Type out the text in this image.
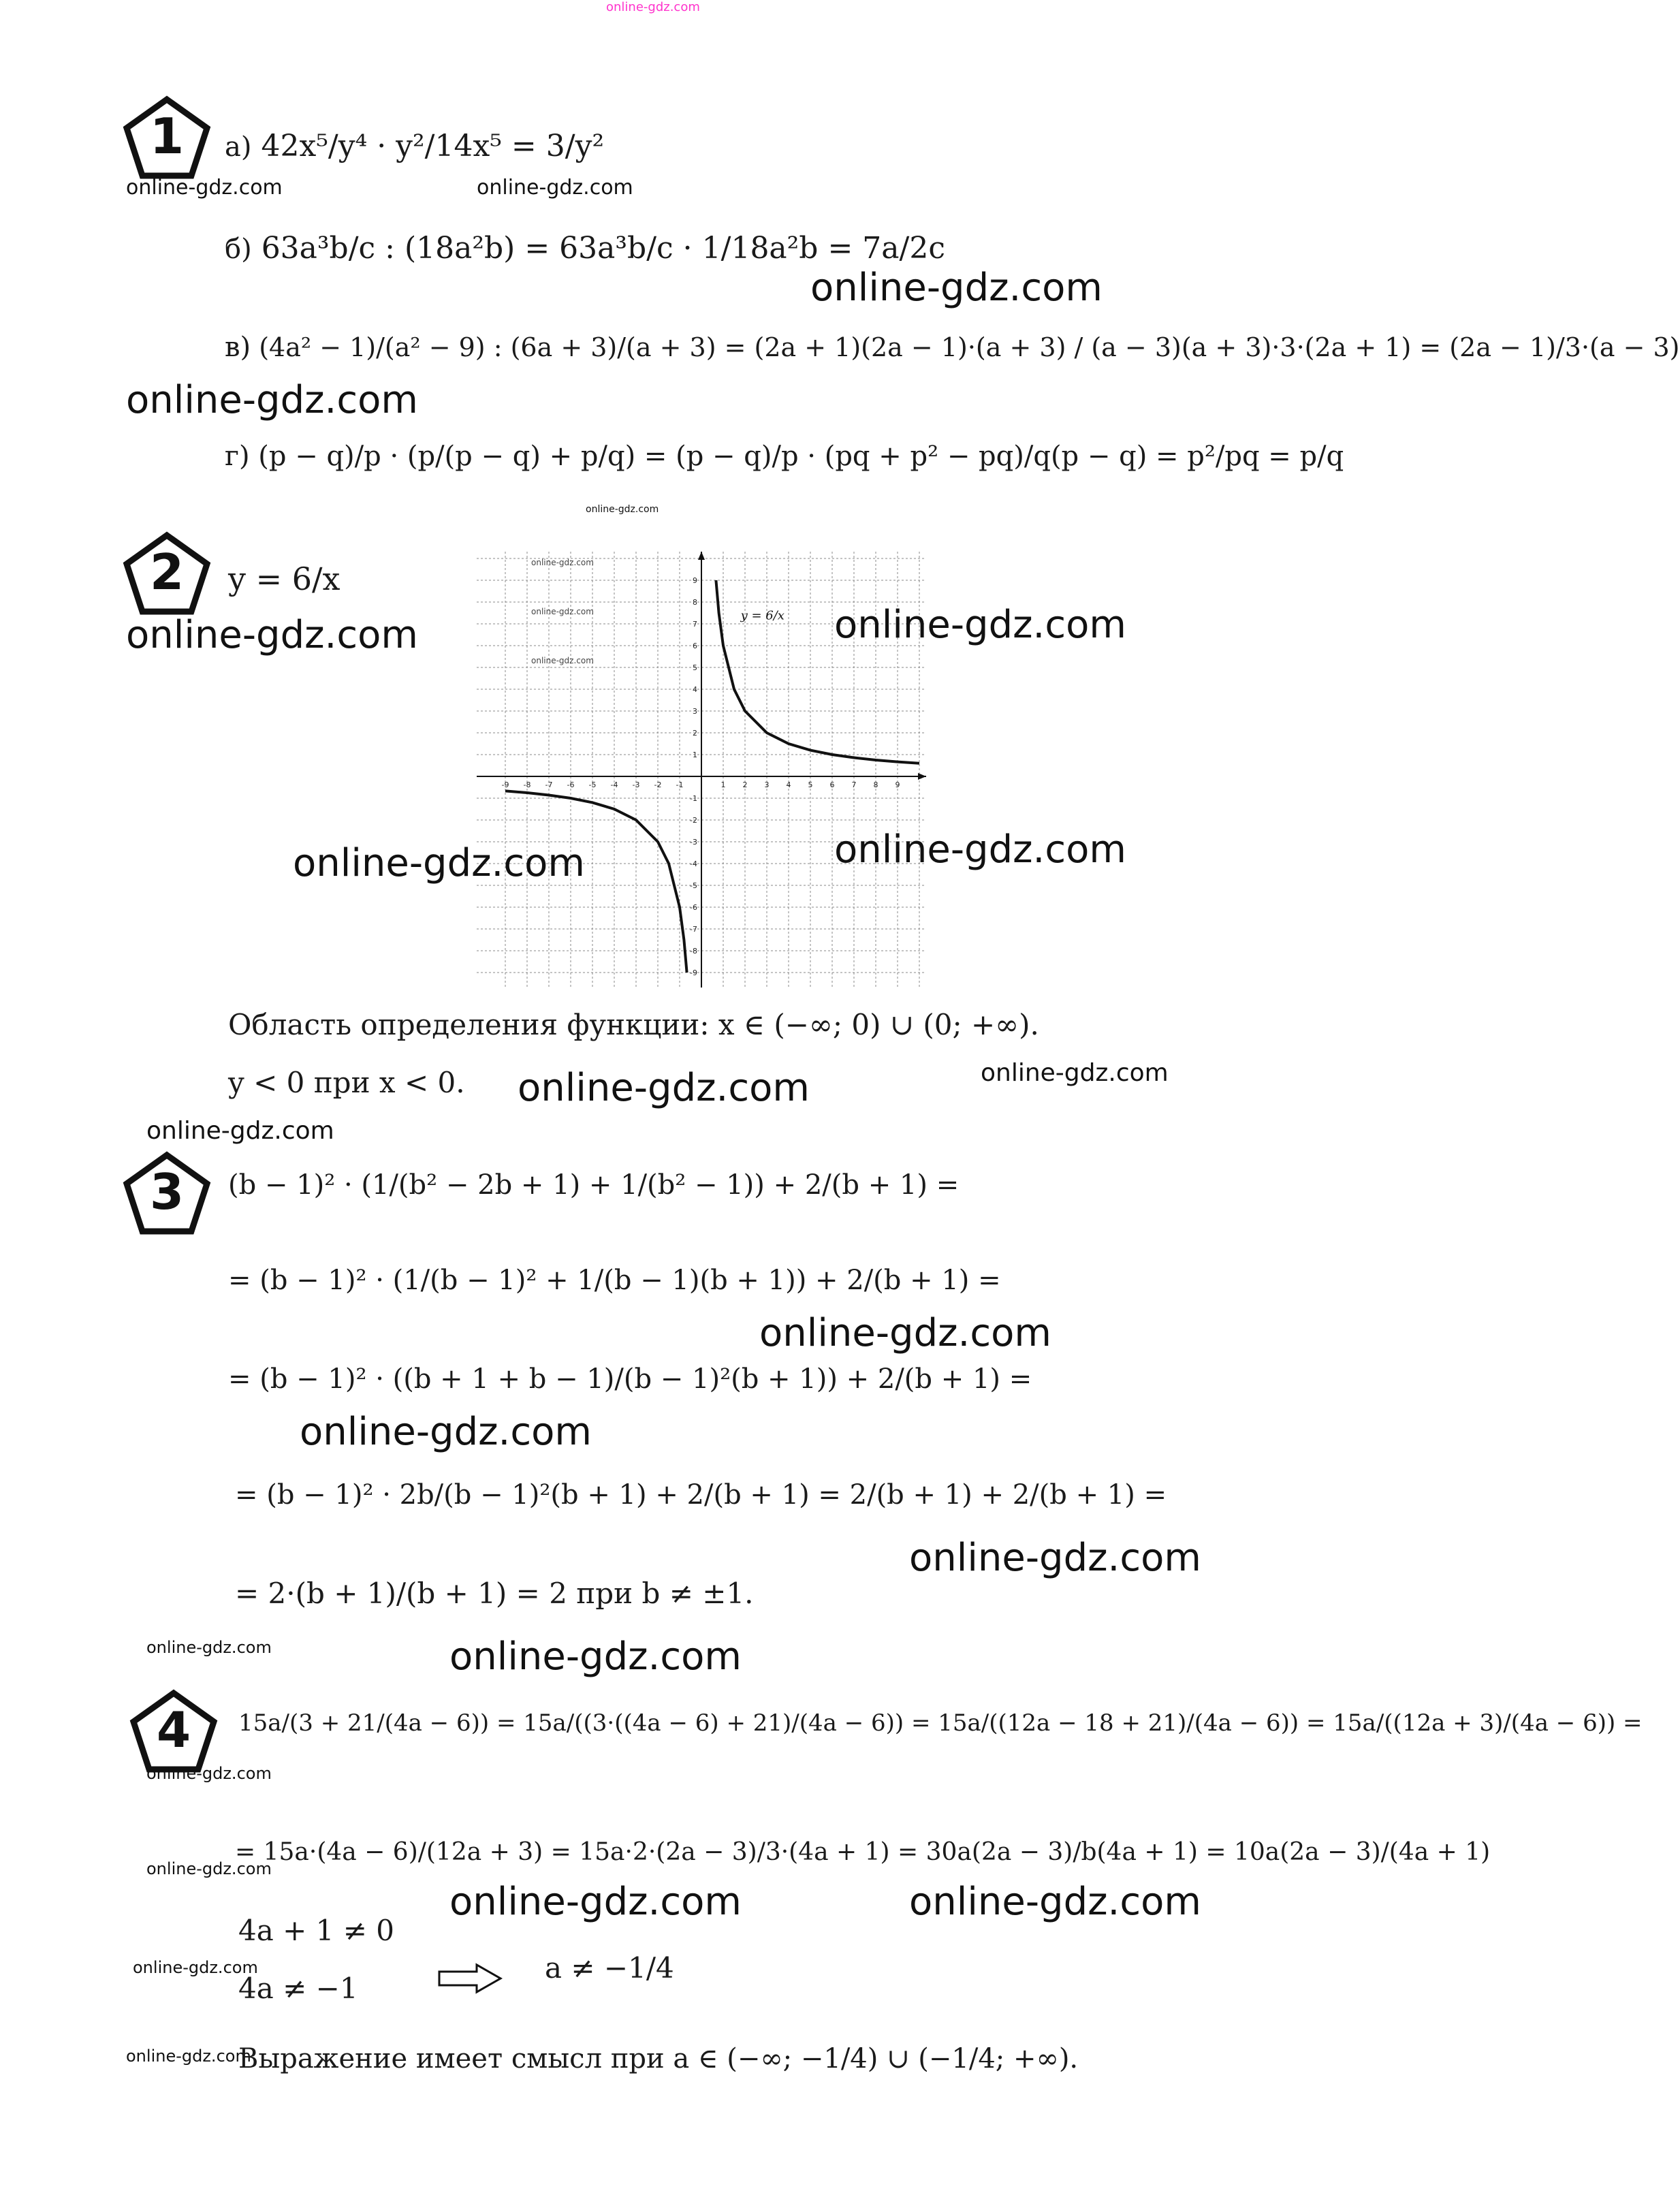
online-gdz.com
1
online-gdz.com	online-gdz.com
а) 42x⁵/y⁴ · y²/14x⁵ = 3/y²
б) 63a³b/c : (18a²b) = 63a³b/c · 1/18a²b = 7a/2c
online-gdz.com
в) (4a² − 1)/(a² − 9) : (6a + 3)/(a + 3) = (2a + 1)(2a − 1)·(a + 3) / (a − 3)(a + 3)·3·(2a + 1) = (2a − 1)/3·(a − 3)
online-gdz.com
г) (p − q)/p · (p/(p − q) + p/q) = (p − q)/p · (pq + p² − pq)/q(p − q) = p²/pq = p/q
online-gdz.com
2	y = 6/x
online-gdz.com
-9 -8 -7 -6 -5 -4 -3 -2 -1	1 2 3 4 5 6 7 8 9
-9
-8
-7
-6
-5
-4
-3
-2
-1
1
2
3
4
5
6
7
8
9
y = 6/x
online-gdz.com
online-gdz.com
online-gdz.com
online-gdz.com
online-gdz.com
online-gdz.com
Область определения функции: x ∈ (−∞; 0) ∪ (0; +∞).
y < 0 при x < 0. online-gdz.com	online-gdz.com
online-gdz.com
3	(b − 1)² · (1/(b² − 2b + 1) + 1/(b² − 1)) + 2/(b + 1) =
= (b − 1)² · (1/(b − 1)² + 1/(b − 1)(b + 1)) + 2/(b + 1) =
online-gdz.com
= (b − 1)² · ((b + 1 + b − 1)/(b − 1)²(b + 1)) + 2/(b + 1) =
online-gdz.com
= (b − 1)² · 2b/(b − 1)²(b + 1) + 2/(b + 1) = 2/(b + 1) + 2/(b + 1) =
online-gdz.com
= 2·(b + 1)/(b + 1) = 2 при b ≠ ±1.
online-gdz.com	online-gdz.com
4
online-gdz.com
15a/(3 + 21/(4a − 6)) = 15a/((3·((4a − 6) + 21)/(4a − 6)) = 15a/((12a − 18 + 21)/(4a − 6)) = 15a/((12a + 3)/(4a − 6)) =
= 15a·(4a − 6)/(12a + 3) = 15a·2·(2a − 3)/3·(4a + 1) = 30a(2a − 3)/b(4a + 1) = 10a(2a − 3)/(4a + 1)
online-gdz.com
online-gdz.com	online-gdz.com
4a + 1 ≠ 0
online-gdz.com
4a ≠ −1
a ≠ −1/4
online-gdz.com
Выражение имеет смысл при a ∈ (−∞; −1/4) ∪ (−1/4; +∞).
